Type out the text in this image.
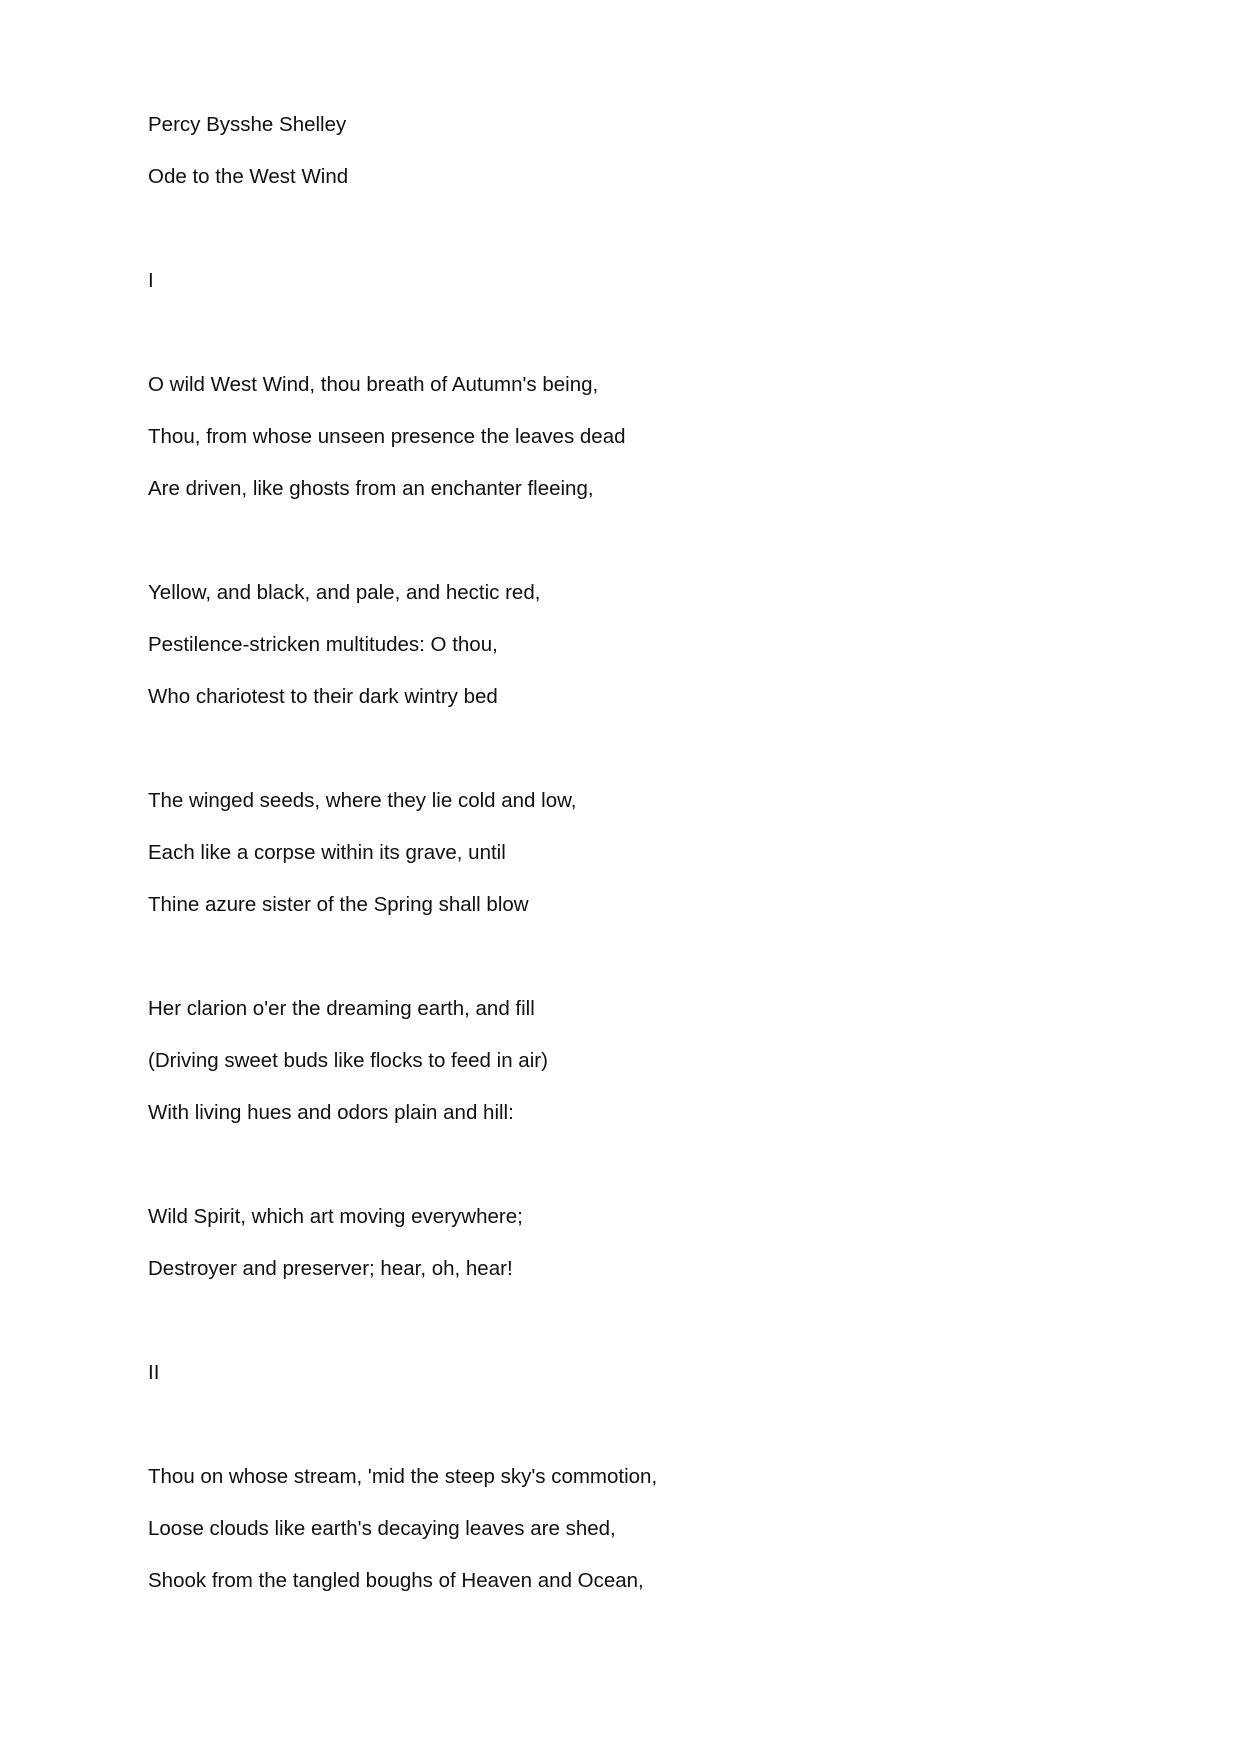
Percy Bysshe Shelley

Ode to the West Wind

I

O wild West Wind, thou breath of Autumn's being,

Thou, from whose unseen presence the leaves dead

Are driven, like ghosts from an enchanter fleeing,

Yellow, and black, and pale, and hectic red,

Pestilence-stricken multitudes: O thou,

Who chariotest to their dark wintry bed

The winged seeds, where they lie cold and low,

Each like a corpse within its grave, until

Thine azure sister of the Spring shall blow

Her clarion o'er the dreaming earth, and fill

(Driving sweet buds like flocks to feed in air)

With living hues and odors plain and hill:

Wild Spirit, which art moving everywhere;

Destroyer and preserver; hear, oh, hear!

II

Thou on whose stream, 'mid the steep sky's commotion,

Loose clouds like earth's decaying leaves are shed,

Shook from the tangled boughs of Heaven and Ocean,
